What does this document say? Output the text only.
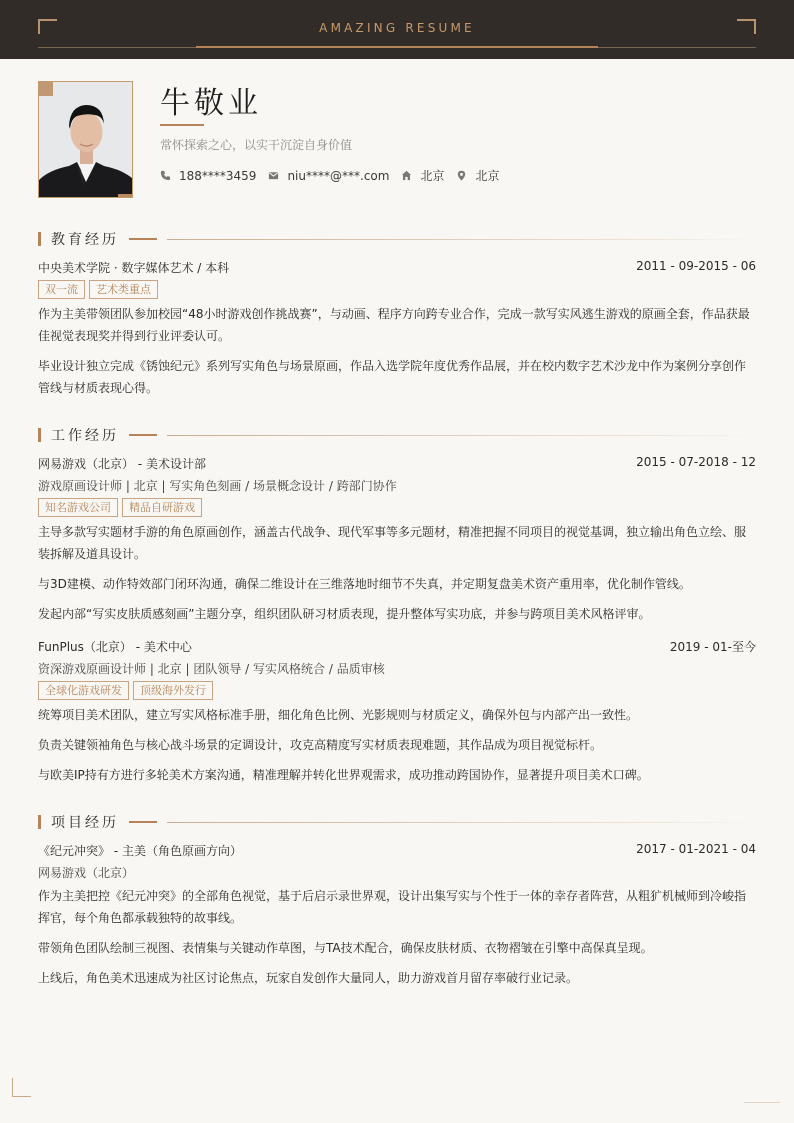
AMAZING RESUME
牛敬业
常怀探索之心，以实干沉淀自身价值
188****3459	niu****@***.com	北京	北京
教育经历
中央美术学院 · 数字媒体艺术 / 本科	2011 - 09-2015 - 06
双一流	艺术类重点

作为主美带领团队参加校园“48小时游戏创作挑战赛”，与动画、程序方向跨专业合作，完成一款写实风逃生游戏的原画全套，作品获最佳视觉表现奖并得到行业评委认可。

毕业设计独立完成《锈蚀纪元》系列写实角色与场景原画，作品入选学院年度优秀作品展，并在校内数字艺术沙龙中作为案例分享创作管线与材质表现心得。

工作经历
网易游戏（北京） - 美术设计部	2015 - 07-2018 - 12
游戏原画设计师 | 北京 | 写实角色刻画 / 场景概念设计 / 跨部门协作
知名游戏公司	精品自研游戏

主导多款写实题材手游的角色原画创作，涵盖古代战争、现代军事等多元题材，精准把握不同项目的视觉基调，独立输出角色立绘、服装拆解及道具设计。

与3D建模、动作特效部门闭环沟通，确保二维设计在三维落地时细节不失真，并定期复盘美术资产重用率，优化制作管线。

发起内部“写实皮肤质感刻画”主题分享，组织团队研习材质表现，提升整体写实功底，并参与跨项目美术风格评审。

FunPlus（北京） - 美术中心	2019 - 01-至今
资深游戏原画设计师 | 北京 | 团队领导 / 写实风格统合 / 品质审核
全球化游戏研发	顶级海外发行

统筹项目美术团队，建立写实风格标准手册，细化角色比例、光影规则与材质定义，确保外包与内部产出一致性。

负责关键领袖角色与核心战斗场景的定调设计，攻克高精度写实材质表现难题，其作品成为项目视觉标杆。

与欧美IP持有方进行多轮美术方案沟通，精准理解并转化世界观需求，成功推动跨国协作，显著提升项目美术口碑。

项目经历
《纪元冲突》 - 主美（角色原画方向）	2017 - 01-2021 - 04
网易游戏（北京）

作为主美把控《纪元冲突》的全部角色视觉，基于后启示录世界观，设计出集写实与个性于一体的幸存者阵营，从粗犷机械师到冷峻指挥官，每个角色都承载独特的故事线。

带领角色团队绘制三视图、表情集与关键动作草图，与TA技术配合，确保皮肤材质、衣物褶皱在引擎中高保真呈现。

上线后，角色美术迅速成为社区讨论焦点，玩家自发创作大量同人，助力游戏首月留存率破行业记录。
